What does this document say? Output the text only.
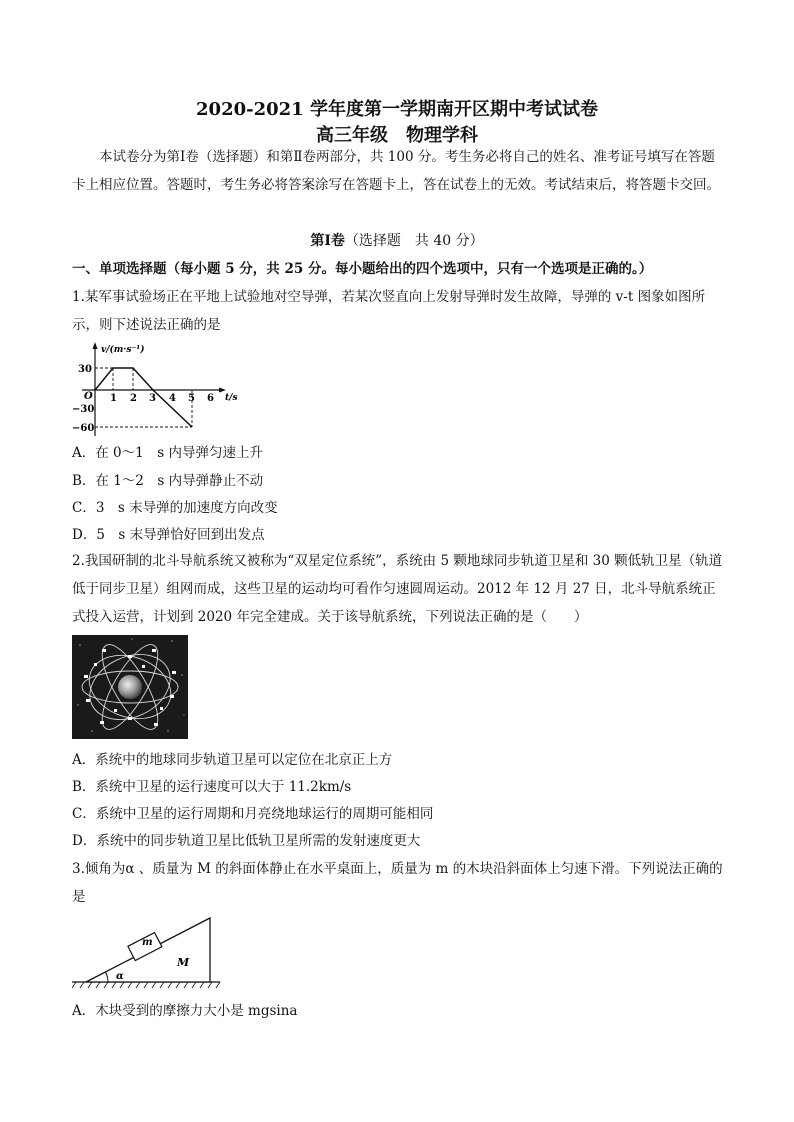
2020-2021 学年度第一学期南开区期中考试试卷
高三年级 物理学科
本试卷分为第Ⅰ卷（选择题）和第Ⅱ卷两部分，共 100 分。考生务必将自己的姓名、准考证号填写在答题卡上相应位置。答题时，考生务必将答案涂写在答题卡上，答在试卷上的无效。考试结束后，将答题卡交回。
第Ⅰ卷（选择题　共 40 分）
一、单项选择题（每小题 5 分，共 25 分。每小题给出的四个选项中，只有一个选项是正确的。）
1.某军事试验场正在平地上试验地对空导弹，若某次竖直向上发射导弹时发生故障，导弹的 v-t 图象如图所示，则下述说法正确的是
v/(m·s⁻¹)
t/s
O
30
−30
−60
1 2 3 4 5 6
A．在 0～1　s 内导弹匀速上升
B．在 1～2　s 内导弹静止不动
C．3　s 末导弹的加速度方向改变
D．5　s 末导弹恰好回到出发点
2.我国研制的北斗导航系统又被称为“双星定位系统”，系统由 5 颗地球同步轨道卫星和 30 颗低轨卫星（轨道低于同步卫星）组网而成，这些卫星的运动均可看作匀速圆周运动。2012 年 12 月 27 日，北斗导航系统正式投入运营，计划到 2020 年完全建成。关于该导航系统，下列说法正确的是（　　）
A．系统中的地球同步轨道卫星可以定位在北京正上方
B．系统中卫星的运行速度可以大于 11.2km/s
C．系统中卫星的运行周期和月亮绕地球运行的周期可能相同
D．系统中的同步轨道卫星比低轨卫星所需的发射速度更大
3.倾角为α 、质量为 M 的斜面体静止在水平桌面上，质量为 m 的木块沿斜面体上匀速下滑。下列说法正确的是
m
M
α
A．木块受到的摩擦力大小是 mgsina
